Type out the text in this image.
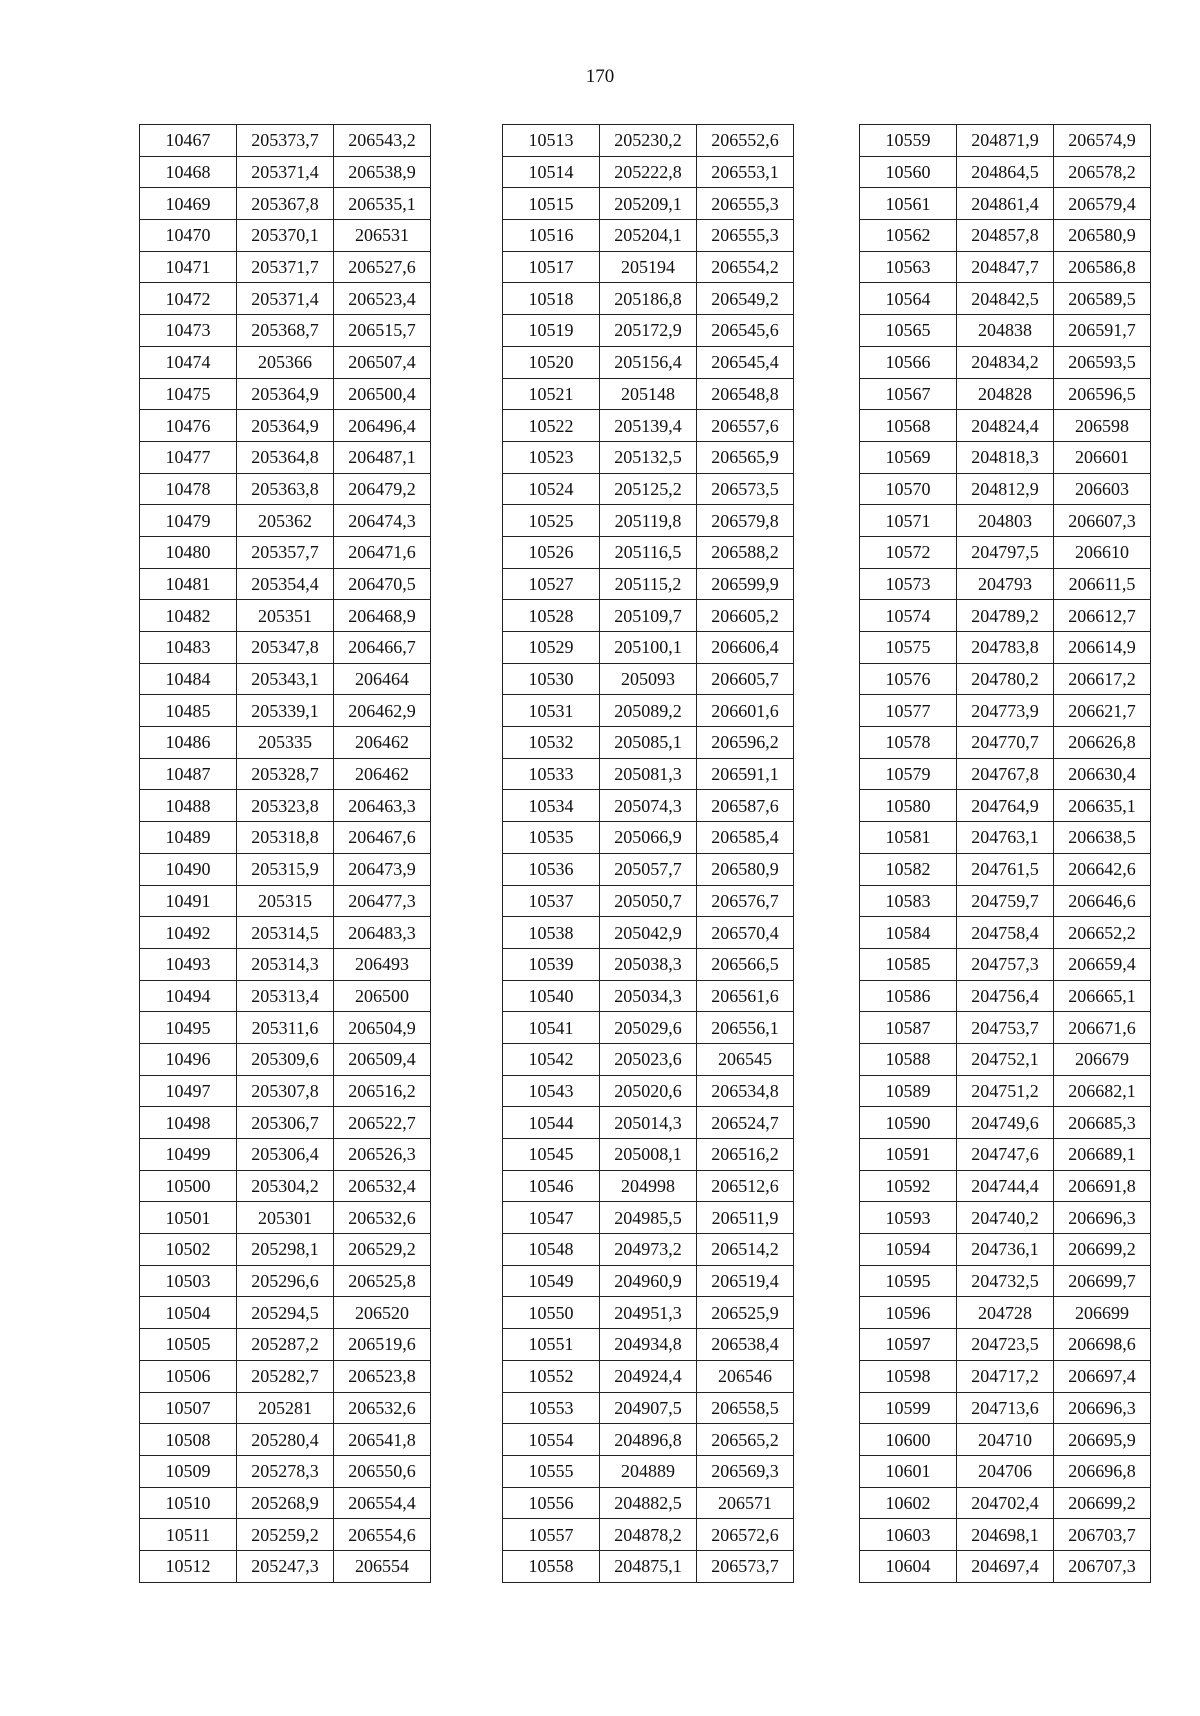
170
10467	205373,7	206543,2
10468	205371,4	206538,9
10469	205367,8	206535,1
10470	205370,1	206531
10471	205371,7	206527,6
10472	205371,4	206523,4
10473	205368,7	206515,7
10474	205366	206507,4
10475	205364,9	206500,4
10476	205364,9	206496,4
10477	205364,8	206487,1
10478	205363,8	206479,2
10479	205362	206474,3
10480	205357,7	206471,6
10481	205354,4	206470,5
10482	205351	206468,9
10483	205347,8	206466,7
10484	205343,1	206464
10485	205339,1	206462,9
10486	205335	206462
10487	205328,7	206462
10488	205323,8	206463,3
10489	205318,8	206467,6
10490	205315,9	206473,9
10491	205315	206477,3
10492	205314,5	206483,3
10493	205314,3	206493
10494	205313,4	206500
10495	205311,6	206504,9
10496	205309,6	206509,4
10497	205307,8	206516,2
10498	205306,7	206522,7
10499	205306,4	206526,3
10500	205304,2	206532,4
10501	205301	206532,6
10502	205298,1	206529,2
10503	205296,6	206525,8
10504	205294,5	206520
10505	205287,2	206519,6
10506	205282,7	206523,8
10507	205281	206532,6
10508	205280,4	206541,8
10509	205278,3	206550,6
10510	205268,9	206554,4
10511	205259,2	206554,6
10512	205247,3	206554
10513	205230,2	206552,6
10514	205222,8	206553,1
10515	205209,1	206555,3
10516	205204,1	206555,3
10517	205194	206554,2
10518	205186,8	206549,2
10519	205172,9	206545,6
10520	205156,4	206545,4
10521	205148	206548,8
10522	205139,4	206557,6
10523	205132,5	206565,9
10524	205125,2	206573,5
10525	205119,8	206579,8
10526	205116,5	206588,2
10527	205115,2	206599,9
10528	205109,7	206605,2
10529	205100,1	206606,4
10530	205093	206605,7
10531	205089,2	206601,6
10532	205085,1	206596,2
10533	205081,3	206591,1
10534	205074,3	206587,6
10535	205066,9	206585,4
10536	205057,7	206580,9
10537	205050,7	206576,7
10538	205042,9	206570,4
10539	205038,3	206566,5
10540	205034,3	206561,6
10541	205029,6	206556,1
10542	205023,6	206545
10543	205020,6	206534,8
10544	205014,3	206524,7
10545	205008,1	206516,2
10546	204998	206512,6
10547	204985,5	206511,9
10548	204973,2	206514,2
10549	204960,9	206519,4
10550	204951,3	206525,9
10551	204934,8	206538,4
10552	204924,4	206546
10553	204907,5	206558,5
10554	204896,8	206565,2
10555	204889	206569,3
10556	204882,5	206571
10557	204878,2	206572,6
10558	204875,1	206573,7
10559	204871,9	206574,9
10560	204864,5	206578,2
10561	204861,4	206579,4
10562	204857,8	206580,9
10563	204847,7	206586,8
10564	204842,5	206589,5
10565	204838	206591,7
10566	204834,2	206593,5
10567	204828	206596,5
10568	204824,4	206598
10569	204818,3	206601
10570	204812,9	206603
10571	204803	206607,3
10572	204797,5	206610
10573	204793	206611,5
10574	204789,2	206612,7
10575	204783,8	206614,9
10576	204780,2	206617,2
10577	204773,9	206621,7
10578	204770,7	206626,8
10579	204767,8	206630,4
10580	204764,9	206635,1
10581	204763,1	206638,5
10582	204761,5	206642,6
10583	204759,7	206646,6
10584	204758,4	206652,2
10585	204757,3	206659,4
10586	204756,4	206665,1
10587	204753,7	206671,6
10588	204752,1	206679
10589	204751,2	206682,1
10590	204749,6	206685,3
10591	204747,6	206689,1
10592	204744,4	206691,8
10593	204740,2	206696,3
10594	204736,1	206699,2
10595	204732,5	206699,7
10596	204728	206699
10597	204723,5	206698,6
10598	204717,2	206697,4
10599	204713,6	206696,3
10600	204710	206695,9
10601	204706	206696,8
10602	204702,4	206699,2
10603	204698,1	206703,7
10604	204697,4	206707,3
